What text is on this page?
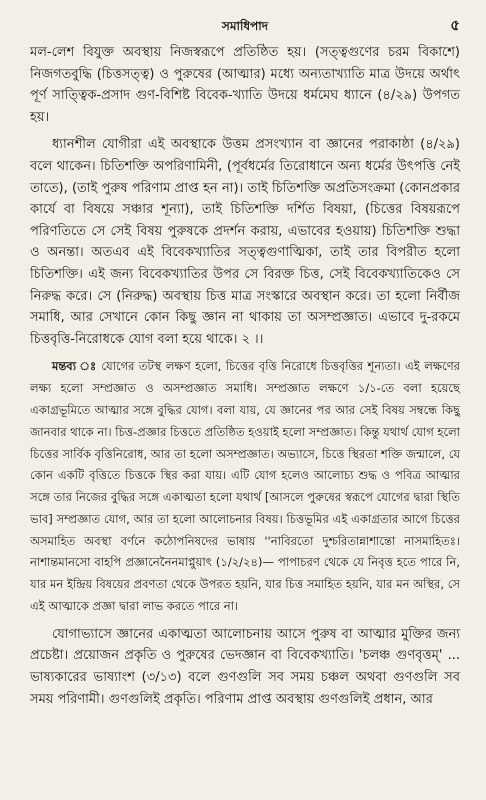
সমাধিপাদ	৫

মল-লেশ বিযুক্ত অবস্থায় নিজস্বরূপে প্রতিষ্ঠিত হয়। (সত্ত্বগুণের চরম বিকাশে) নিজগতবুদ্ধি (চিত্তসত্ত্ব) ও পুরুষের (আত্মার) মধ্যে অন্যতাখ্যাতি মাত্র উদয়ে অর্থাৎ পূর্ণ সাত্ত্বিক-প্রসাদ গুণ-বিশিষ্ট বিবেক-খ্যাতি উদয়ে ধর্মমেঘ ধ্যানে (৪/২৯) উপগত হয়।

ধ্যানশীল যোগীরা এই অবস্থাকে উত্তম প্রসংখ্যান বা জ্ঞানের পরাকাষ্ঠা (৪/২৯) বলে থাকেন। চিতিশক্তি অপরিণামিনী, (পূর্বধর্মের তিরোধানে অন্য ধর্মের উৎপত্তি নেই তাতে), (তাই পুরুষ পরিণাম প্রাপ্ত হন না)। তাই চিতিশক্তি অপ্রতিসংক্রমা (কোনপ্রকার কার্যে বা বিষয়ে সঞ্চার শূন্যা), তাই চিতিশক্তি দর্শিত বিষয়া, (চিত্তের বিষয়রূপে পরিণতিতে সে সেই বিষয় পুরুষকে প্রদর্শন করায়, এভাবের হওয়ায়) চিতিশক্তি শুদ্ধা ও অনন্তা। অতএব এই বিবেকখ্যাতির সত্ত্বগুণাত্মিকা, তাই তার বিপরীত হলো চিতিশক্তি। এই জন্য বিবেকখ্যাতির উপর সে বিরক্ত চিত্ত, সেই বিবেকখ্যাতিকেও সে নিরুদ্ধ করে। সে (নিরুদ্ধ) অবস্থায় চিত্ত মাত্র সংস্কারে অবস্থান করে। তা হলো নির্বীজ সমাধি, আর সেখানে কোন কিছু জ্ঞান না থাকায় তা অসম্প্রজ্ঞাত। এভাবে দু-রকমে চিত্তবৃত্তি-নিরোধকে যোগ বলা হয়ে থাকে। ২ ।।

মন্তব্য ঃ যোগের তটস্থ লক্ষণ হলো, চিত্তের বৃত্তি নিরোধে চিত্তবৃত্তির শূন্যতা। এই লক্ষণের লক্ষ্য হলো সম্প্রজ্ঞাত ও অসম্প্রজ্ঞাত সমাধি। সম্প্রজ্ঞাত লক্ষণে ১/১-তে বলা হয়েছে একাগ্রভূমিতে আত্মার সঙ্গে বুদ্ধির যোগ। বলা যায়, যে জ্ঞানের পর আর সেই বিষয় সম্বন্ধে কিছু জানবার থাকে না। চিত্ত-প্রজ্ঞার চিত্ততে প্রতিষ্ঠিত হওয়াই হলো সম্প্রজ্ঞাত। কিন্তু যথার্থ যোগ হলো চিত্তের সার্বিক বৃত্তিনিরোধ, আর তা হলো অসম্প্রজ্ঞাত। অভ্যাসে, চিত্তে স্থিরতা শক্তি জন্মালে, যে কোন একটি বৃত্তিতে চিত্তকে স্থির করা যায়। এটি যোগ হলেও আলোচ্য শুদ্ধ ও পবিত্র আত্মার সঙ্গে তার নিজের বুদ্ধির সঙ্গে একাত্মতা হলো যথার্থ [আসলে পুরুষের স্বরূপে যোগের দ্বারা স্থিতি ভাব] সম্প্রজ্ঞাত যোগ, আর তা হলো আলোচনার বিষয়। চিত্তভূমির এই একাগ্রতার আগে চিত্তের অসমাহিত অবস্থা বর্ণনে কঠোপনিষদের ভাষায় ''নাবিরতো দুশ্চরিতান্নাশান্তো নাসমাহিতঃ। নাশান্তমানসো বাহপি প্রজ্ঞানেনৈনমাপ্নুয়াৎ (১/২/২৪)— পাপাচরণ থেকে যে নিবৃত্ত হতে পারে নি, যার মন ইন্দ্রিয় বিষয়ের প্রবণতা থেকে উপরত হয়নি, যার চিত্ত সমাহিত হয়নি, যার মন অস্থির, সে এই আত্মাকে প্রজ্ঞা দ্বারা লাভ করতে পারে না।

যোগাভ্যাসে জ্ঞানের একাত্মতা আলোচনায় আসে পুরুষ বা আত্মার মুক্তির জন্য প্রচেষ্টা। প্রয়োজন প্রকৃতি ও পুরুষের ভেদজ্ঞান বা বিবেকখ্যাতি। 'চলঞ্চ গুণবৃত্তম্' ... ভাষ্যকারের ভাষ্যাংশ (৩/১৩) বলে গুণগুলি সব সময় চঞ্চল অথবা গুণগুলি সব সময় পরিণামী। গুণগুলিই প্রকৃতি। পরিণাম প্রাপ্ত অবস্থায় গুণগুলিই প্রধান, আর
